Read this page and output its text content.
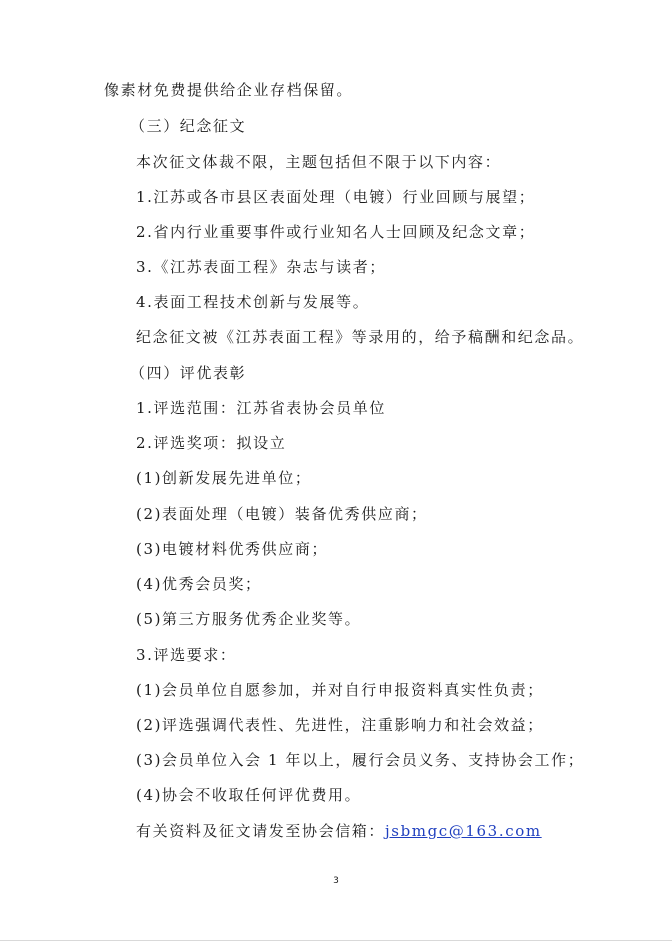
像素材免费提供给企业存档保留。
（三）纪念征文
本次征文体裁不限，主题包括但不限于以下内容：
1.江苏或各市县区表面处理（电镀）行业回顾与展望；
2.省内行业重要事件或行业知名人士回顾及纪念文章；
3.《江苏表面工程》杂志与读者；
4.表面工程技术创新与发展等。
纪念征文被《江苏表面工程》等录用的，给予稿酬和纪念品。
（四）评优表彰
1.评选范围：江苏省表协会员单位
2.评选奖项：拟设立
(1)创新发展先进单位；
(2)表面处理（电镀）装备优秀供应商；
(3)电镀材料优秀供应商；
(4)优秀会员奖；
(5)第三方服务优秀企业奖等。
3.评选要求：
(1)会员单位自愿参加，并对自行申报资料真实性负责；
(2)评选强调代表性、先进性，注重影响力和社会效益；
(3)会员单位入会 1 年以上，履行会员义务、支持协会工作；
(4)协会不收取任何评优费用。
有关资料及征文请发至协会信箱：jsbmgc@163.com
3
